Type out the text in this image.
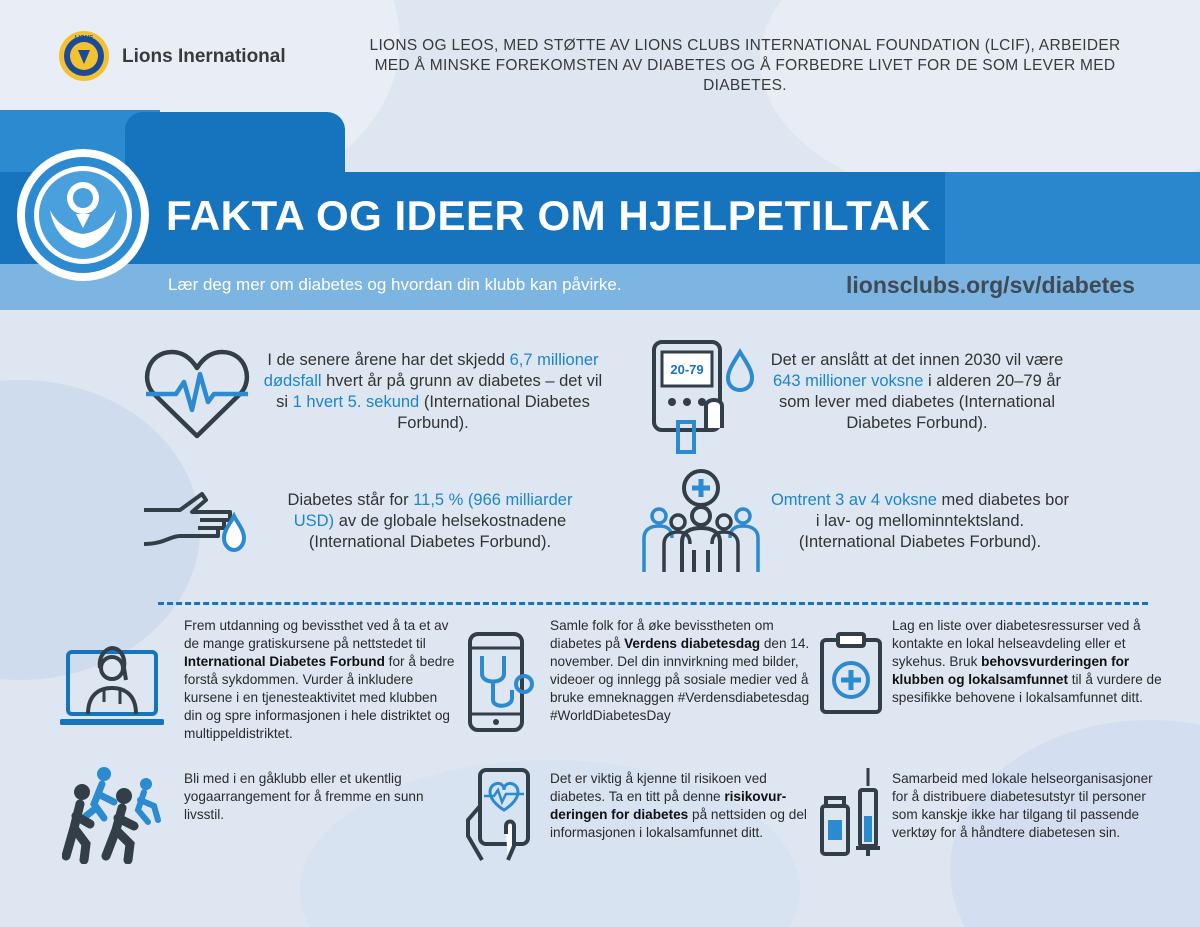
LIONS
Lions Inernational
LIONS OG LEOS, MED STØTTE AV LIONS CLUBS INTERNATIONAL FOUNDATION (LCIF), ARBEIDER MED Å MINSKE FOREKOMSTEN AV DIABETES OG Å FORBEDRE LIVET FOR DE SOM LEVER MED DIABETES.
FAKTA OG IDEER OM HJELPETILTAK
Lær deg mer om diabetes og hvordan din klubb kan påvirke.	lionsclubs.org/sv/diabetes
I de senere årene har det skjedd 6,7 millioner dødsfall hvert år på grunn av diabetes – det vil si 1 hvert 5. sekund (International Diabetes Forbund).
20-79
Det er anslått at det innen 2030 vil være 643 millioner voksne i alderen 20–79 år som lever med diabetes (International Diabetes Forbund).
Diabetes står for 11,5 % (966 milliarder USD) av de globale helsekostnadene (International Diabetes Forbund).
Omtrent 3 av 4 voksne med diabetes bor i lav- og mellominntektsland. (International Diabetes Forbund).
Frem utdanning og bevissthet ved å ta et av de mange gratiskursene på nettstedet til International Diabetes Forbund for å bedre forstå sykdommen. Vurder å inkludere kursene i en tjenesteaktivitet med klubben din og spre informasjonen i hele distriktet og multippeldistriktet.
Samle folk for å øke bevisstheten om diabetes på Verdens diabetesdag den 14. november. Del din innvirkning med bilder, videoer og innlegg på sosiale medier ved å bruke emneknaggen #Verdensdiabetesdag #WorldDiabetesDay
Lag en liste over diabetesressurser ved å kontakte en lokal helseavdeling eller et sykehus. Bruk behovsvurderingen for klubben og lokalsamfunnet til å vurdere de spesifikke behovene i lokalsamfunnet ditt.
Bli med i en gåklubb eller et ukentlig yogaarrangement for å fremme en sunn livsstil.
Det er viktig å kjenne til risikoen ved diabetes. Ta en titt på denne risikovurderingen for diabetes på nettsiden og del informasjonen i lokalsamfunnet ditt.
Samarbeid med lokale helseorganisasjoner for å distribuere diabetesutstyr til personer som kanskje ikke har tilgang til passende verktøy for å håndtere diabetesen sin.
